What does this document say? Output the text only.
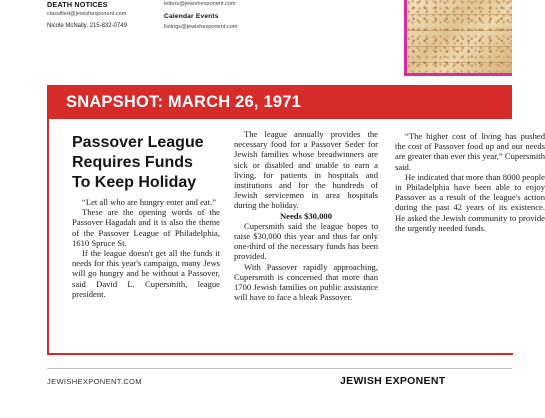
DEATH NOTICES
classified@jewishexponent.com
Nicole McNally, 215-832-0749
letters@jewishexponent.com
Calendar Events
listings@jewishexponent.com
SNAPSHOT: MARCH 26, 1971

Passover League

Requires Funds

To Keep Holiday

“Let all who are hungry enter and eat.”

These are the opening words of the Passover Hagadah and it is also the theme of the Passover League of Philadelphia, 1610 Spruce St.

If the league doesn't get all the funds it needs for this year's campaign, many Jews will go hungry and be without a Passover, said David L. Cupersmith, league president.

The league annually provides the necessary food for a Passover Seder for Jewish families whose breadwinners are sick or disabled and unable to earn a living, for patients in hospitals and institutions and for the hundreds of Jewish servicemen in area hospitals during the holiday.

Needs $30,000

Cupersmith said the league hopes to raise $30,000 this year and thus far only one-third of the necessary funds has been provided.

With Passover rapidly approaching, Cupersmith is concerned that more than 1700 Jewish families on public assistance will have to face a bleak Passover.

“The higher cost of living has pushed the cost of Passover food up and our needs are greater than ever this year,” Cupersmith said.

He indicated that more than 8000 people in Philadelphia have been able to enjoy Passover as a result of the league's action during the past 42 years of its existence. He asked the Jewish community to provide the urgently needed funds.

JEWISHEXPONENT.COM	JEWISH EXPONENT
